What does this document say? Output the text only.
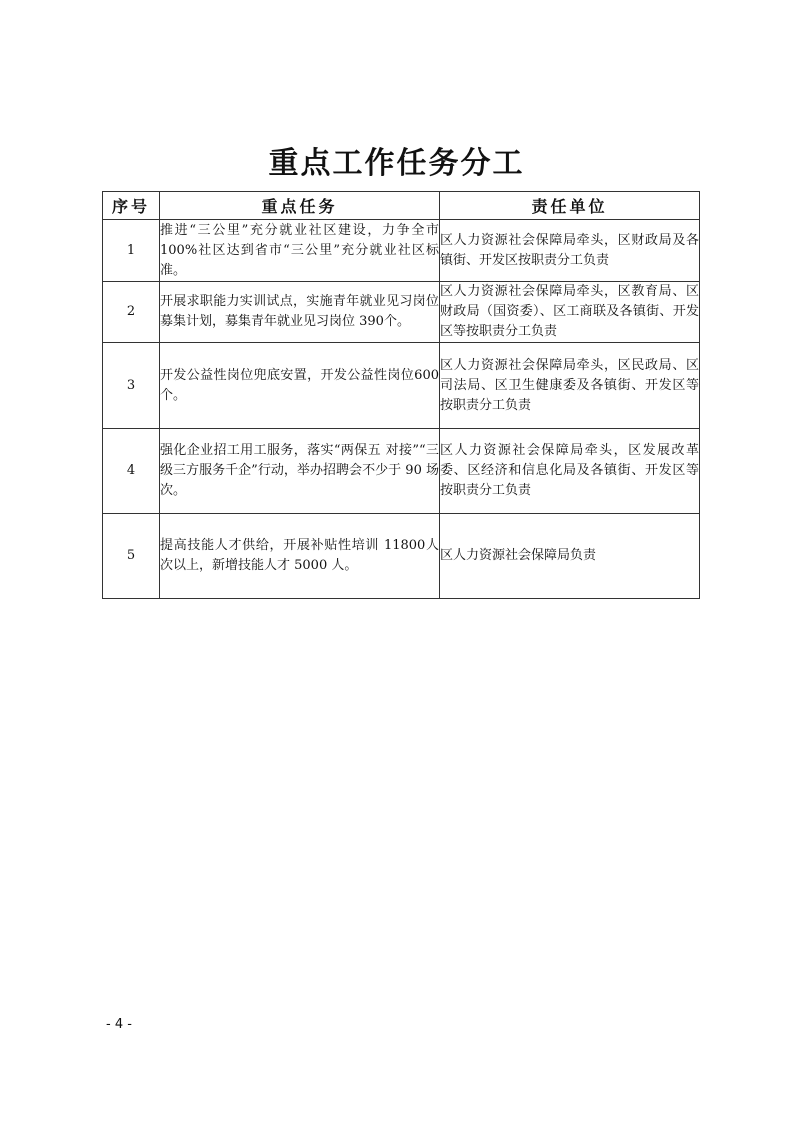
重点工作任务分工
序号	重点任务	责任单位
1	推进“三公里”充分就业社区建设，力争全市100%社区达到省市“三公里”充分就业社区标准。	区人力资源社会保障局牵头，区财政局及各镇街、开发区按职责分工负责
2	开展求职能力实训试点，实施青年就业见习岗位募集计划，募集青年就业见习岗位 390个。	区人力资源社会保障局牵头，区教育局、区财政局（国资委）、区工商联及各镇街、开发区等按职责分工负责
3	开发公益性岗位兜底安置，开发公益性岗位600 个。	区人力资源社会保障局牵头，区民政局、区司法局、区卫生健康委及各镇街、开发区等按职责分工负责
4	强化企业招工用工服务，落实“两保五 对接”“三级三方服务千企”行动，举办招聘会不少于 90 场次。	区人力资源社会保障局牵头，区发展改革委、区经济和信息化局及各镇街、开发区等按职责分工负责
5	提高技能人才供给，开展补贴性培训 11800人次以上，新增技能人才 5000 人。	区人力资源社会保障局负责
- 4 -
